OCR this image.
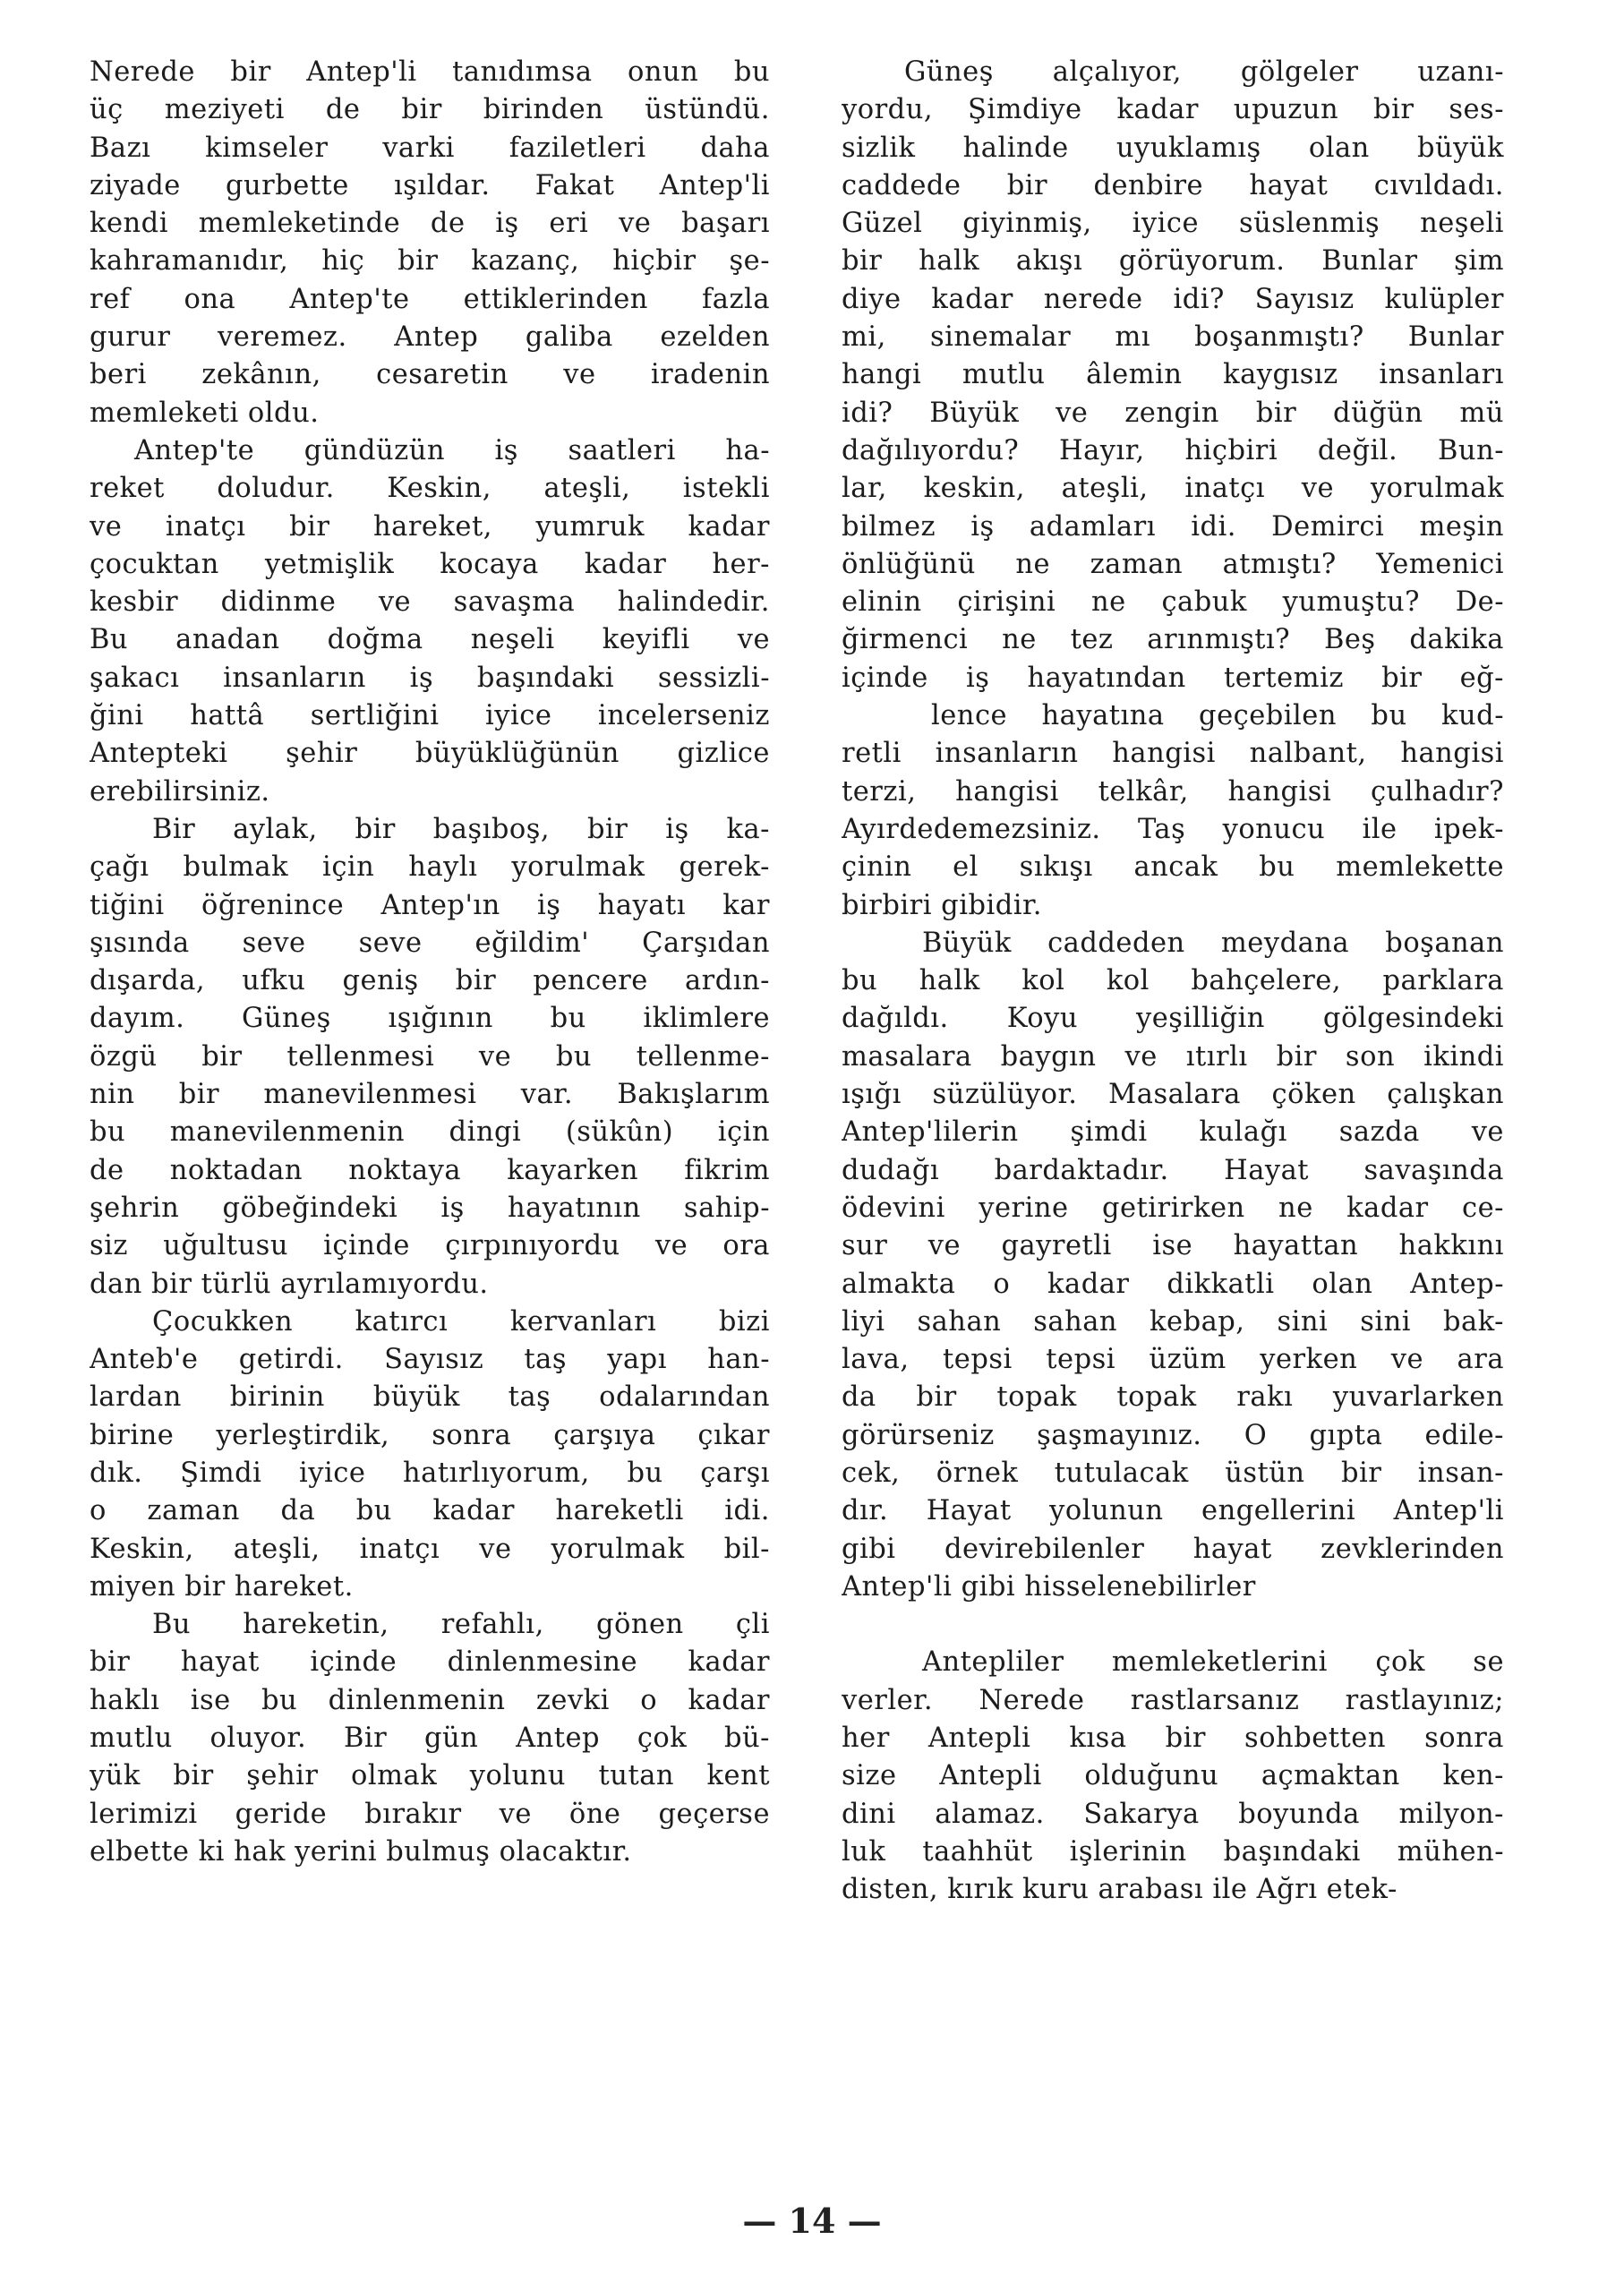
Nerede bir Antep'li tanıdımsa onun bu
üç meziyeti de bir birinden üstündü.
Bazı kimseler varki faziletleri daha
ziyade gurbette ışıldar. Fakat Antep'li
kendi memleketinde de iş eri ve başarı
kahramanıdır, hiç bir kazanç, hiçbir şe-
ref ona Antep'te ettiklerinden fazla
gurur veremez. Antep galiba ezelden
beri zekânın, cesaretin ve iradenin
memleketi oldu.
Antep'te gündüzün iş saatleri ha-
reket doludur. Keskin, ateşli, istekli
ve inatçı bir hareket, yumruk kadar
çocuktan yetmişlik kocaya kadar her-
kesbir didinme ve savaşma halindedir.
Bu anadan doğma neşeli keyifli ve
şakacı insanların iş başındaki sessizli-
ğini hattâ sertliğini iyice incelerseniz
Antepteki şehir büyüklüğünün gizlice
erebilirsiniz.
Bir aylak, bir başıboş, bir iş ka-
çağı bulmak için haylı yorulmak gerek-
tiğini öğrenince Antep'ın iş hayatı kar
şısında seve seve eğildim' Çarşıdan
dışarda, ufku geniş bir pencere ardın-
dayım. Güneş ışığının bu iklimlere
özgü bir tellenmesi ve bu tellenme-
nin bir manevilenmesi var. Bakışlarım
bu manevilenmenin dingi (sükûn) için
de noktadan noktaya kayarken fikrim
şehrin göbeğindeki iş hayatının sahip-
siz uğultusu içinde çırpınıyordu ve ora
dan bir türlü ayrılamıyordu.
Çocukken katırcı kervanları bizi
Anteb'e getirdi. Sayısız taş yapı han-
lardan birinin büyük taş odalarından
birine yerleştirdik, sonra çarşıya çıkar
dık. Şimdi iyice hatırlıyorum, bu çarşı
o zaman da bu kadar hareketli idi.
Keskin, ateşli, inatçı ve yorulmak bil-
miyen bir hareket.
Bu hareketin, refahlı, gönen çli
bir hayat içinde dinlenmesine kadar
haklı ise bu dinlenmenin zevki o kadar
mutlu oluyor. Bir gün Antep çok bü-
yük bir şehir olmak yolunu tutan kent
lerimizi geride bırakır ve öne geçerse
elbette ki hak yerini bulmuş olacaktır.
Güneş alçalıyor, gölgeler uzanı-
yordu, Şimdiye kadar upuzun bir ses-
sizlik halinde uyuklamış olan büyük
caddede bir denbire hayat cıvıldadı.
Güzel giyinmiş, iyice süslenmiş neşeli
bir halk akışı görüyorum. Bunlar şim
diye kadar nerede idi? Sayısız kulüpler
mi, sinemalar mı boşanmıştı? Bunlar
hangi mutlu âlemin kaygısız insanları
idi? Büyük ve zengin bir düğün mü
dağılıyordu? Hayır, hiçbiri değil. Bun-
lar, keskin, ateşli, inatçı ve yorulmak
bilmez iş adamları idi. Demirci meşin
önlüğünü ne zaman atmıştı? Yemenici
elinin çirişini ne çabuk yumuştu? De-
ğirmenci ne tez arınmıştı? Beş dakika
içinde iş hayatından tertemiz bir eğ-
lence hayatına geçebilen bu kud-
retli insanların hangisi nalbant, hangisi
terzi, hangisi telkâr, hangisi çulhadır?
Ayırdedemezsiniz. Taş yonucu ile ipek-
çinin el sıkışı ancak bu memlekette
birbiri gibidir.
Büyük caddeden meydana boşanan
bu halk kol kol bahçelere, parklara
dağıldı. Koyu yeşilliğin gölgesindeki
masalara baygın ve ıtırlı bir son ikindi
ışığı süzülüyor. Masalara çöken çalışkan
Antep'lilerin şimdi kulağı sazda ve
dudağı bardaktadır. Hayat savaşında
ödevini yerine getirirken ne kadar ce-
sur ve gayretli ise hayattan hakkını
almakta o kadar dikkatli olan Antep-
liyi sahan sahan kebap, sini sini bak-
lava, tepsi tepsi üzüm yerken ve ara
da bir topak topak rakı yuvarlarken
görürseniz şaşmayınız. O gıpta edile-
cek, örnek tutulacak üstün bir insan-
dır. Hayat yolunun engellerini Antep'li
gibi devirebilenler hayat zevklerinden
Antep'li gibi hisselenebilirler
Antepliler memleketlerini çok se
verler. Nerede rastlarsanız rastlayınız;
her Antepli kısa bir sohbetten sonra
size Antepli olduğunu açmaktan ken-
dini alamaz. Sakarya boyunda milyon-
luk taahhüt işlerinin başındaki mühen-
disten, kırık kuru arabası ile Ağrı etek-
— 14 —
